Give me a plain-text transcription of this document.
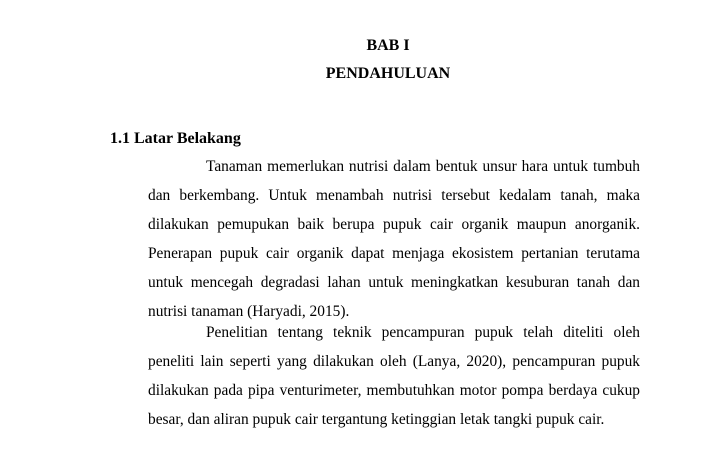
BAB I
PENDAHULUAN
1.1 Latar Belakang

Tanaman memerlukan nutrisi dalam bentuk unsur hara untuk tumbuh dan berkembang. Untuk menambah nutrisi tersebut kedalam tanah, maka dilakukan pemupukan baik berupa pupuk cair organik maupun anorganik. Penerapan pupuk cair organik dapat menjaga ekosistem pertanian terutama untuk mencegah degradasi lahan untuk meningkatkan kesuburan tanah dan nutrisi tanaman (Haryadi, 2015).

Penelitian tentang teknik pencampuran pupuk telah diteliti oleh peneliti lain seperti yang dilakukan oleh (Lanya, 2020), pencampuran pupuk dilakukan pada pipa venturimeter, membutuhkan motor pompa berdaya cukup besar, dan aliran pupuk cair tergantung ketinggian letak tangki pupuk cair.
